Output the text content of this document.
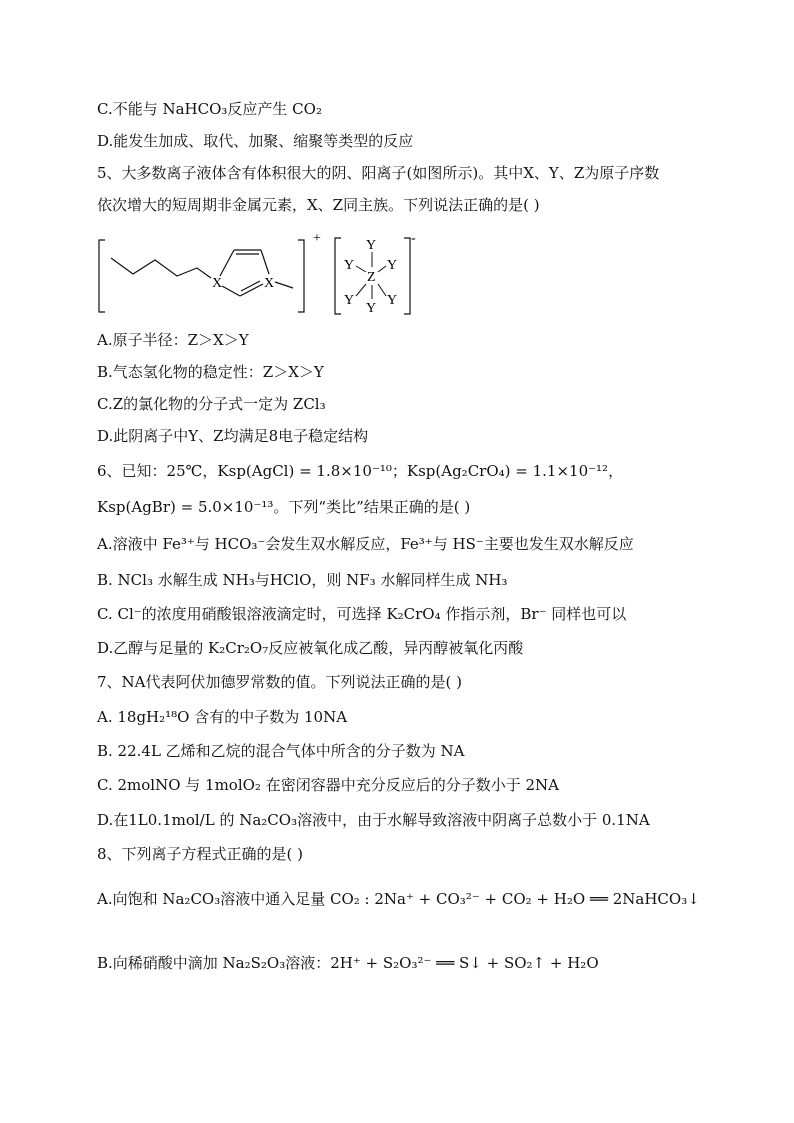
C.不能与 NaHCO₃反应产生 CO₂
D.能发生加成、取代、加聚、缩聚等类型的反应
5、大多数离子液体含有体积很大的阴、阳离子(如图所示)。其中X、Y、Z为原子序数
依次增大的短周期非金属元素，X、Z同主族。下列说法正确的是( )
+
X	X
-
Y
Y Y
Z
Y
Y
Y
A.原子半径：Z＞X＞Y
B.气态氢化物的稳定性：Z＞X＞Y
C.Z的氯化物的分子式一定为 ZCl₃
D.此阴离子中Y、Z均满足8电子稳定结构
6、已知：25℃，Ksp(AgCl) = 1.8×10⁻¹⁰；Ksp(Ag₂CrO₄) = 1.1×10⁻¹²，
Ksp(AgBr) = 5.0×10⁻¹³。下列“类比”结果正确的是( )
A.溶液中 Fe³⁺与 HCO₃⁻会发生双水解反应，Fe³⁺与 HS⁻主要也发生双水解反应
B. NCl₃ 水解生成 NH₃与HClO，则 NF₃ 水解同样生成 NH₃
C. Cl⁻的浓度用硝酸银溶液滴定时，可选择 K₂CrO₄ 作指示剂，Br⁻ 同样也可以
D.乙醇与足量的 K₂Cr₂O₇反应被氧化成乙酸，异丙醇被氧化丙酸
7、NA代表阿伏加德罗常数的值。下列说法正确的是( )
A. 18gH₂¹⁸O 含有的中子数为 10NA
B. 22.4L 乙烯和乙烷的混合气体中所含的分子数为 NA
C. 2molNO 与 1molO₂ 在密闭容器中充分反应后的分子数小于 2NA
D.在1L0.1mol/L 的 Na₂CO₃溶液中，由于水解导致溶液中阴离子总数小于 0.1NA
8、下列离子方程式正确的是( )
A.向饱和 Na₂CO₃溶液中通入足量 CO₂ : 2Na⁺ + CO₃²⁻ + CO₂ + H₂O ══ 2NaHCO₃↓
B.向稀硝酸中滴加 Na₂S₂O₃溶液：2H⁺ + S₂O₃²⁻ ══ S↓ + SO₂↑ + H₂O
